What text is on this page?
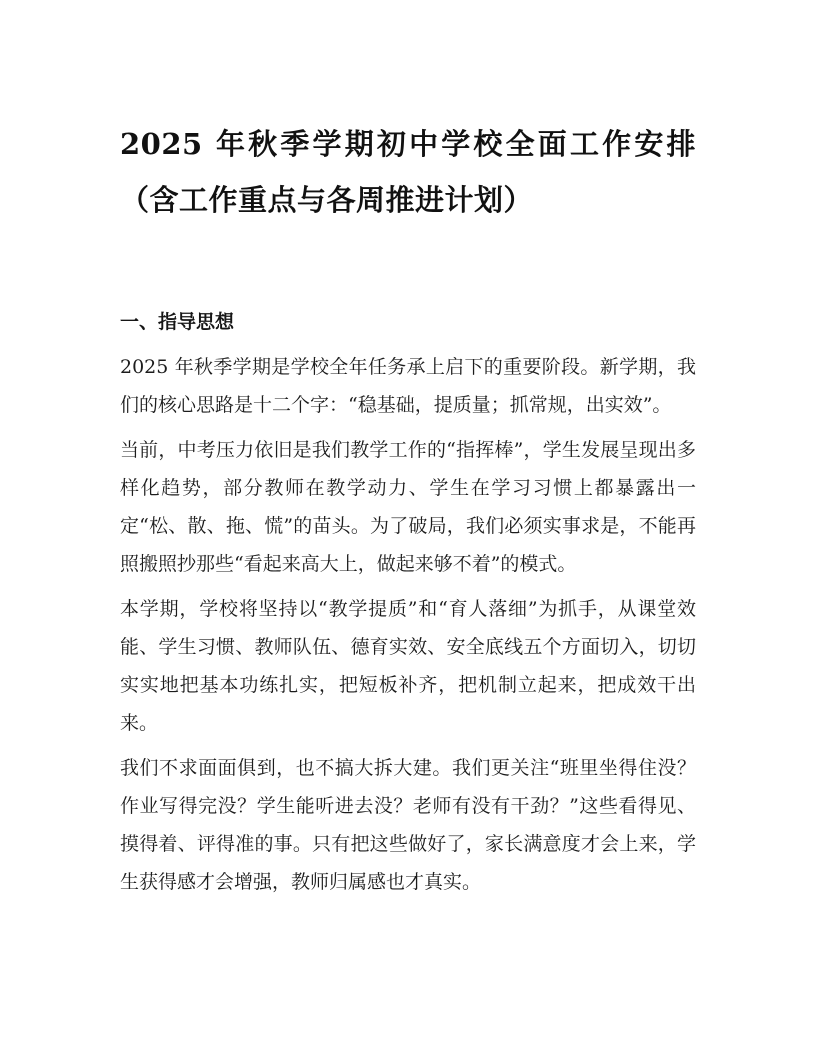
2025 年秋季学期初中学校全面工作安排（含工作重点与各周推进计划）
一、指导思想

2025 年秋季学期是学校全年任务承上启下的重要阶段。新学期，我们的核心思路是十二个字：“稳基础，提质量；抓常规，出实效”。

当前，中考压力依旧是我们教学工作的“指挥棒”，学生发展呈现出多样化趋势，部分教师在教学动力、学生在学习习惯上都暴露出一定“松、散、拖、慌”的苗头。为了破局，我们必须实事求是，不能再照搬照抄那些“看起来高大上，做起来够不着”的模式。

本学期，学校将坚持以“教学提质”和“育人落细”为抓手，从课堂效能、学生习惯、教师队伍、德育实效、安全底线五个方面切入，切切实实地把基本功练扎实，把短板补齐，把机制立起来，把成效干出来。

我们不求面面俱到，也不搞大拆大建。我们更关注“班里坐得住没？作业写得完没？学生能听进去没？老师有没有干劲？”这些看得见、摸得着、评得准的事。只有把这些做好了，家长满意度才会上来，学生获得感才会增强，教师归属感也才真实。
